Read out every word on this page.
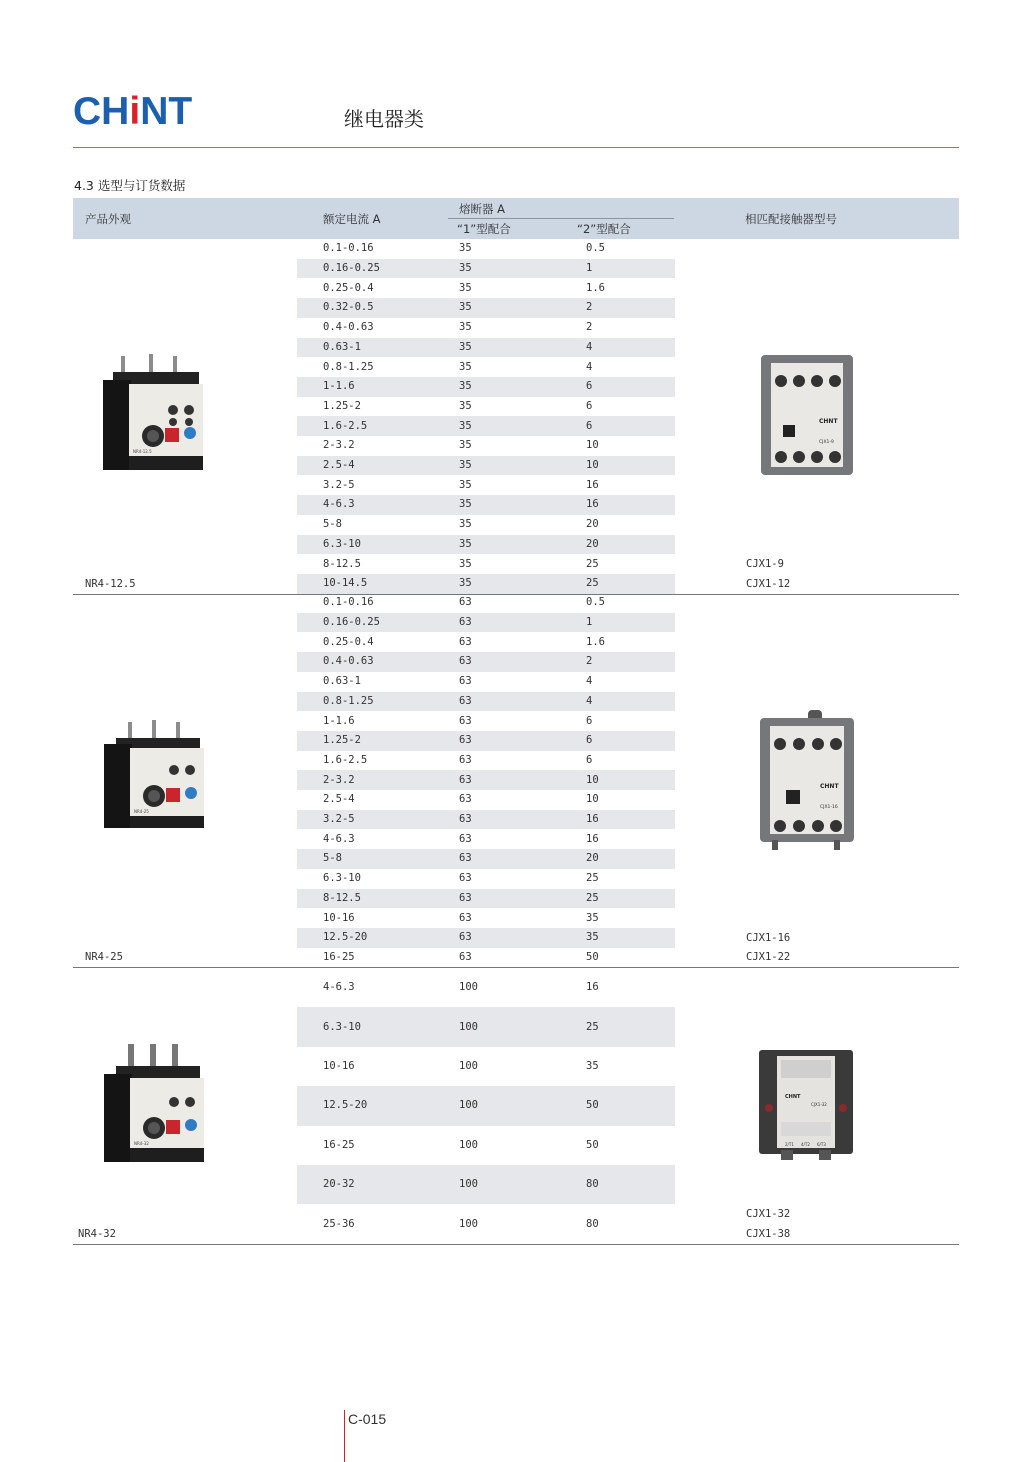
CHiNT	继电器类
4.3 选型与订货数据
产品外观	额定电流 A
熔断器 A
“1”型配合	“2”型配合
相匹配接触器型号
0.1-0.16	35	0.5
0.16-0.25	35	1
0.25-0.4	35	1.6
0.32-0.5	35	2
0.4-0.63	35	2
0.63-1	35	4
0.8-1.25	35	4
1-1.6	35	6
1.25-2	35	6
1.6-2.5	35	6
2-3.2	35	10
2.5-4	35	10
3.2-5	35	16
4-6.3	35	16
5-8	35	20
6.3-10	35	20
8-12.5	35	25
10-14.5	35	25
NR4-12.5
CJX1-9
CJX1-12
0.1-0.16	63	0.5
0.16-0.25	63	1
0.25-0.4	63	1.6
0.4-0.63	63	2
0.63-1	63	4
0.8-1.25	63	4
1-1.6	63	6
1.25-2	63	6
1.6-2.5	63	6
2-3.2	63	10
2.5-4	63	10
3.2-5	63	16
4-6.3	63	16
5-8	63	20
6.3-10	63	25
8-12.5	63	25
10-16	63	35
12.5-20	63	35
16-25	63	50
NR4-25
CJX1-16
CJX1-22
4-6.3	100	16
6.3-10	100	25
10-16	100	35
12.5-20	100	50
16-25	100	50
20-32	100	80
25-36	100	80
NR4-32
CJX1-32
CJX1-38
NR4-12.5
CHNT
CJX1-9
NR4-25
CHNT
CJX1-16
NR4-32
CHNT
CJX1-32
2/T1 4/T2 6/T3
C-015
